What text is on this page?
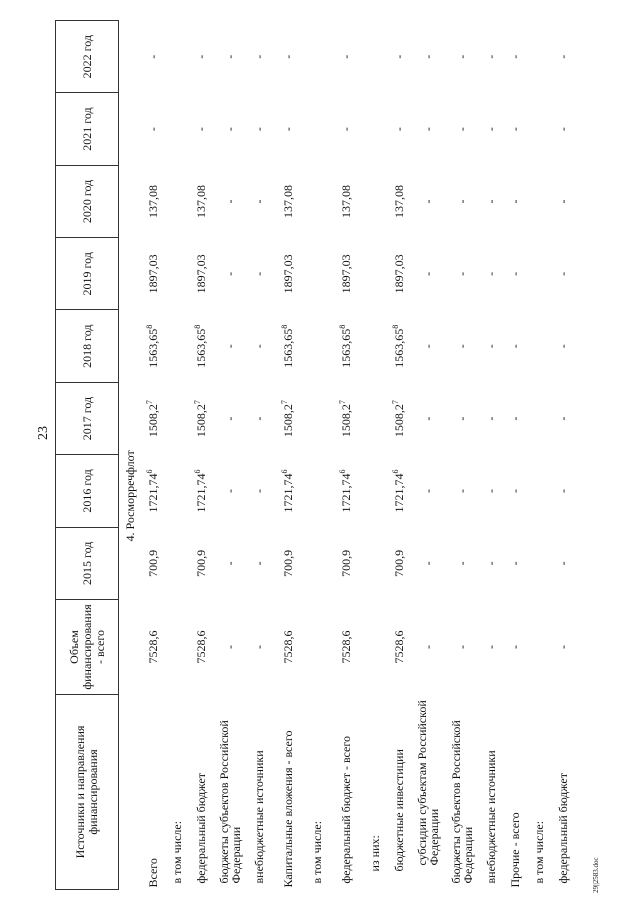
23
Источники и направления финансирования	Объем финансирования - всего	2015 год	2016 год	2017 год	2018 год	2019 год	2020 год	2021 год	2022 год
4. Росморречфлот									
Всего	7528,6	700,9	1721,74$^6$	1508,2$^7$	1563,65$^8$	1897,03	137,08	-	-
в том числе:									
федеральный бюджет	7528,6	700,9	1721,74$^6$	1508,2$^7$	1563,65$^8$	1897,03	137,08	-	-
бюджеты субъектов Российской Федерации	-	-	-	-	-	-	-	-	-
внебюджетные источники	-	-	-	-	-	-	-	-	-
Капитальные вложения - всего	7528,6	700,9	1721,74$^6$	1508,2$^7$	1563,65$^8$	1897,03	137,08	-	-
в том числе:									
федеральный бюджет - всего	7528,6	700,9	1721,74$^6$	1508,2$^7$	1563,65$^8$	1897,03	137,08	-	-
из них:									
бюджетные инвестиции	7528,6	700,9	1721,74$^6$	1508,2$^7$	1563,65$^8$	1897,03	137,08	-	-
субсидии субъектам Российской Федерации	-	-	-	-	-	-	-	-	-
бюджеты субъектов Российской Федерации	-	-	-	-	-	-	-	-	-
внебюджетные источники	-	-	-	-	-	-	-	-	-
Прочие - всего	-	-	-	-	-	-	-	-	-
в том числе:									
федеральный бюджет	-	-	-	-	-	-	-	-	-
29||2583.doc
